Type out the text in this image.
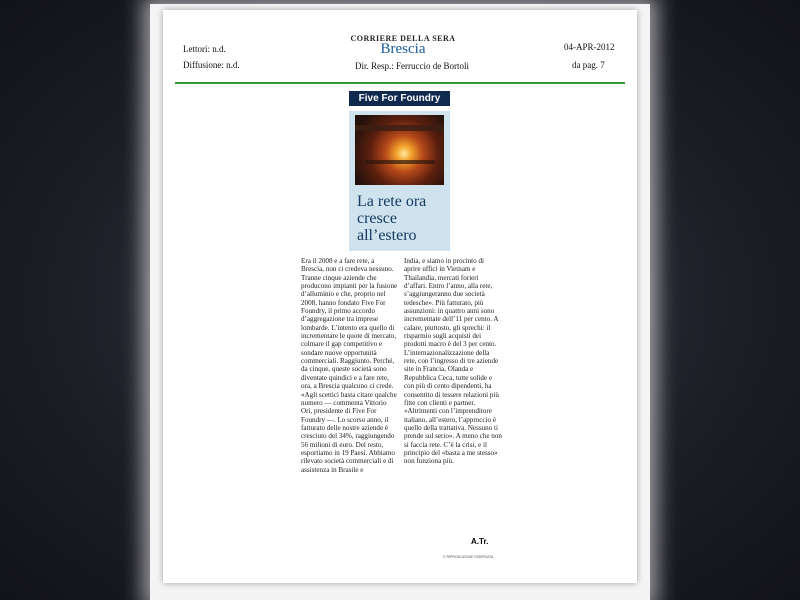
Lettori: n.d.
Diffusione: n.d.
CORRIERE DELLA SERA
Brescia
Dir. Resp.: Ferruccio de Bortoli
04-APR-2012
da pag. 7
Five For Foundry
La rete ora cresce all’estero

Era il 2008 e a fare rete, a Brescia, non ci credeva nessuno. Tranne cinque aziende che producono impianti per la fusione d’alluminio e che, proprio nel 2008, hanno fondato Five For Foundry, il primo accordo d’aggregazione tra imprese lombarde. L’intento era quello di incrementare le quote di mercato, colmare il gap competitivo e sondare nuove opportunità commerciali. Raggiunto. Perché, da cinque, queste società sono diventate quindici e a fare rete, ora, a Brescia qualcuno ci crede. «Agli scettici basta citare qualche numero — commenta Vittorio Ori, presidente di Five For Foundry —. Lo scorso anno, il fatturato delle nostre aziende è cresciuto del 34%, raggiungendo 56 milioni di euro. Del resto, esportiamo in 19 Paesi. Abbiamo rilevato società commerciali e di assistenza in Brasile e

India, e siamo in procinto di aprire uffici in Vietnam e Thailandia, mercati forieri d’affari. Entro l’anno, alla rete, s’aggiungeranno due società tedesche». Più fatturato, più assunzioni: in quattro anni sono incrementate dell’11 per cento. A calare, piuttosto, gli sprechi: il risparmio sugli acquisti dei prodotti macro è del 3 per cento. L’internazionalizzazione della rete, con l’ingresso di tre aziende site in Francia, Olanda e Repubblica Ceca, tutte solide e con più di cento dipendenti, ha consentito di tessere relazioni più fitte con clienti e partner. «Altrimenti con l’imprenditore italiano, all’estero, l’approccio è quello della trattativa. Nessuno ti prende sul serio». A meno che non si faccia rete. C’è la crisi, e il principio del «basta a me stesso» non funziona più.

A.Tr.
© RIPRODUZIONE RISERVATA
